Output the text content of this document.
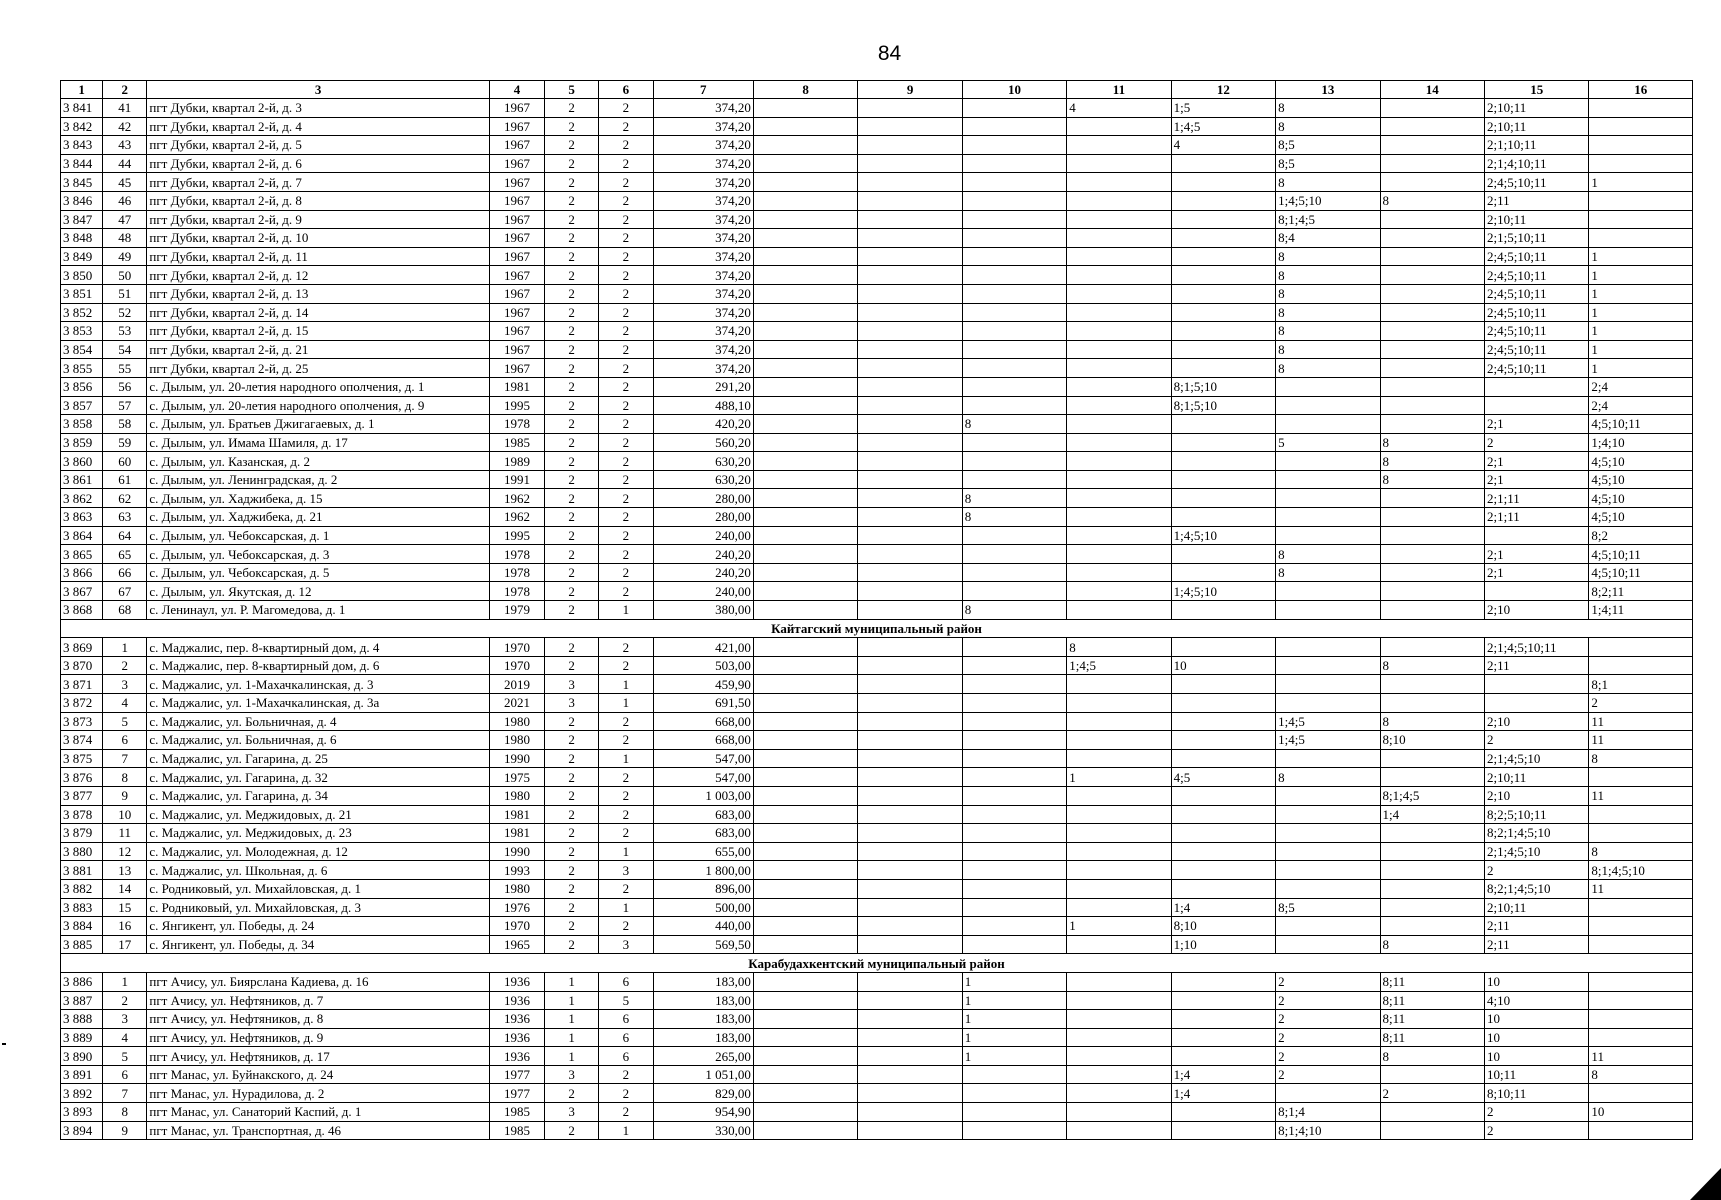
84
1	2	3	4	5	6	7	8	9	10	11	12	13	14	15	16
3 841	41	пгт Дубки, квартал 2-й, д. 3	1967	2	2	374,20				4	1;5	8		2;10;11	
3 842	42	пгт Дубки, квартал 2-й, д. 4	1967	2	2	374,20					1;4;5	8		2;10;11	
3 843	43	пгт Дубки, квартал 2-й, д. 5	1967	2	2	374,20					4	8;5		2;1;10;11	
3 844	44	пгт Дубки, квартал 2-й, д. 6	1967	2	2	374,20						8;5		2;1;4;10;11	
3 845	45	пгт Дубки, квартал 2-й, д. 7	1967	2	2	374,20						8		2;4;5;10;11	1
3 846	46	пгт Дубки, квартал 2-й, д. 8	1967	2	2	374,20						1;4;5;10	8	2;11	
3 847	47	пгт Дубки, квартал 2-й, д. 9	1967	2	2	374,20						8;1;4;5		2;10;11	
3 848	48	пгт Дубки, квартал 2-й, д. 10	1967	2	2	374,20						8;4		2;1;5;10;11	
3 849	49	пгт Дубки, квартал 2-й, д. 11	1967	2	2	374,20						8		2;4;5;10;11	1
3 850	50	пгт Дубки, квартал 2-й, д. 12	1967	2	2	374,20						8		2;4;5;10;11	1
3 851	51	пгт Дубки, квартал 2-й, д. 13	1967	2	2	374,20						8		2;4;5;10;11	1
3 852	52	пгт Дубки, квартал 2-й, д. 14	1967	2	2	374,20						8		2;4;5;10;11	1
3 853	53	пгт Дубки, квартал 2-й, д. 15	1967	2	2	374,20						8		2;4;5;10;11	1
3 854	54	пгт Дубки, квартал 2-й, д. 21	1967	2	2	374,20						8		2;4;5;10;11	1
3 855	55	пгт Дубки, квартал 2-й, д. 25	1967	2	2	374,20						8		2;4;5;10;11	1
3 856	56	с. Дылым, ул. 20-летия народного ополчения, д. 1	1981	2	2	291,20					8;1;5;10				2;4
3 857	57	с. Дылым, ул. 20-летия народного ополчения, д. 9	1995	2	2	488,10					8;1;5;10				2;4
3 858	58	с. Дылым, ул. Братьев Джигагаевых, д. 1	1978	2	2	420,20			8					2;1	4;5;10;11
3 859	59	с. Дылым, ул. Имама Шамиля, д. 17	1985	2	2	560,20						5	8	2	1;4;10
3 860	60	с. Дылым, ул. Казанская, д. 2	1989	2	2	630,20							8	2;1	4;5;10
3 861	61	с. Дылым, ул. Ленинградская, д. 2	1991	2	2	630,20							8	2;1	4;5;10
3 862	62	с. Дылым, ул. Хаджибека, д. 15	1962	2	2	280,00			8					2;1;11	4;5;10
3 863	63	с. Дылым, ул. Хаджибека, д. 21	1962	2	2	280,00			8					2;1;11	4;5;10
3 864	64	с. Дылым, ул. Чебоксарская, д. 1	1995	2	2	240,00					1;4;5;10				8;2
3 865	65	с. Дылым, ул. Чебоксарская, д. 3	1978	2	2	240,20						8		2;1	4;5;10;11
3 866	66	с. Дылым, ул. Чебоксарская, д. 5	1978	2	2	240,20						8		2;1	4;5;10;11
3 867	67	с. Дылым, ул. Якутская, д. 12	1978	2	2	240,00					1;4;5;10				8;2;11
3 868	68	с. Ленинаул, ул. Р. Магомедова, д. 1	1979	2	1	380,00			8					2;10	1;4;11
Кайтагский муниципальный район															
3 869	1	с. Маджалис, пер. 8-квартирный дом, д. 4	1970	2	2	421,00				8				2;1;4;5;10;11	
3 870	2	с. Маджалис, пер. 8-квартирный дом, д. 6	1970	2	2	503,00				1;4;5	10		8	2;11	
3 871	3	с. Маджалис, ул. 1-Махачкалинская, д. 3	2019	3	1	459,90									8;1
3 872	4	с. Маджалис, ул. 1-Махачкалинская, д. 3а	2021	3	1	691,50									2
3 873	5	с. Маджалис, ул. Больничная, д. 4	1980	2	2	668,00						1;4;5	8	2;10	11
3 874	6	с. Маджалис, ул. Больничная, д. 6	1980	2	2	668,00						1;4;5	8;10	2	11
3 875	7	с. Маджалис, ул. Гагарина, д. 25	1990	2	1	547,00								2;1;4;5;10	8
3 876	8	с. Маджалис, ул. Гагарина, д. 32	1975	2	2	547,00				1	4;5	8		2;10;11	
3 877	9	с. Маджалис, ул. Гагарина, д. 34	1980	2	2	1 003,00							8;1;4;5	2;10	11
3 878	10	с. Маджалис, ул. Меджидовых, д. 21	1981	2	2	683,00							1;4	8;2;5;10;11	
3 879	11	с. Маджалис, ул. Меджидовых, д. 23	1981	2	2	683,00								8;2;1;4;5;10	
3 880	12	с. Маджалис, ул. Молодежная, д. 12	1990	2	1	655,00								2;1;4;5;10	8
3 881	13	с. Маджалис, ул. Школьная, д. 6	1993	2	3	1 800,00								2	8;1;4;5;10
3 882	14	с. Родниковый, ул. Михайловская, д. 1	1980	2	2	896,00								8;2;1;4;5;10	11
3 883	15	с. Родниковый, ул. Михайловская, д. 3	1976	2	1	500,00					1;4	8;5		2;10;11	
3 884	16	с. Янгикент, ул. Победы, д. 24	1970	2	2	440,00				1	8;10			2;11	
3 885	17	с. Янгикент, ул. Победы, д. 34	1965	2	3	569,50					1;10		8	2;11	
Карабудахкентский муниципальный район															
3 886	1	пгт Ачису, ул. Биярслана Кадиева, д. 16	1936	1	6	183,00			1			2	8;11	10	
3 887	2	пгт Ачису, ул. Нефтяников, д. 7	1936	1	5	183,00			1			2	8;11	4;10	
3 888	3	пгт Ачису, ул. Нефтяников, д. 8	1936	1	6	183,00			1			2	8;11	10	
3 889	4	пгт Ачису, ул. Нефтяников, д. 9	1936	1	6	183,00			1			2	8;11	10	
3 890	5	пгт Ачису, ул. Нефтяников, д. 17	1936	1	6	265,00			1			2	8	10	11
3 891	6	пгт Манас, ул. Буйнакского, д. 24	1977	3	2	1 051,00					1;4	2		10;11	8
3 892	7	пгт Манас, ул. Нурадилова, д. 2	1977	2	2	829,00					1;4		2	8;10;11	
3 893	8	пгт Манас, ул. Санаторий Каспий, д. 1	1985	3	2	954,90						8;1;4		2	10
3 894	9	пгт Манас, ул. Транспортная, д. 46	1985	2	1	330,00						8;1;4;10		2	
